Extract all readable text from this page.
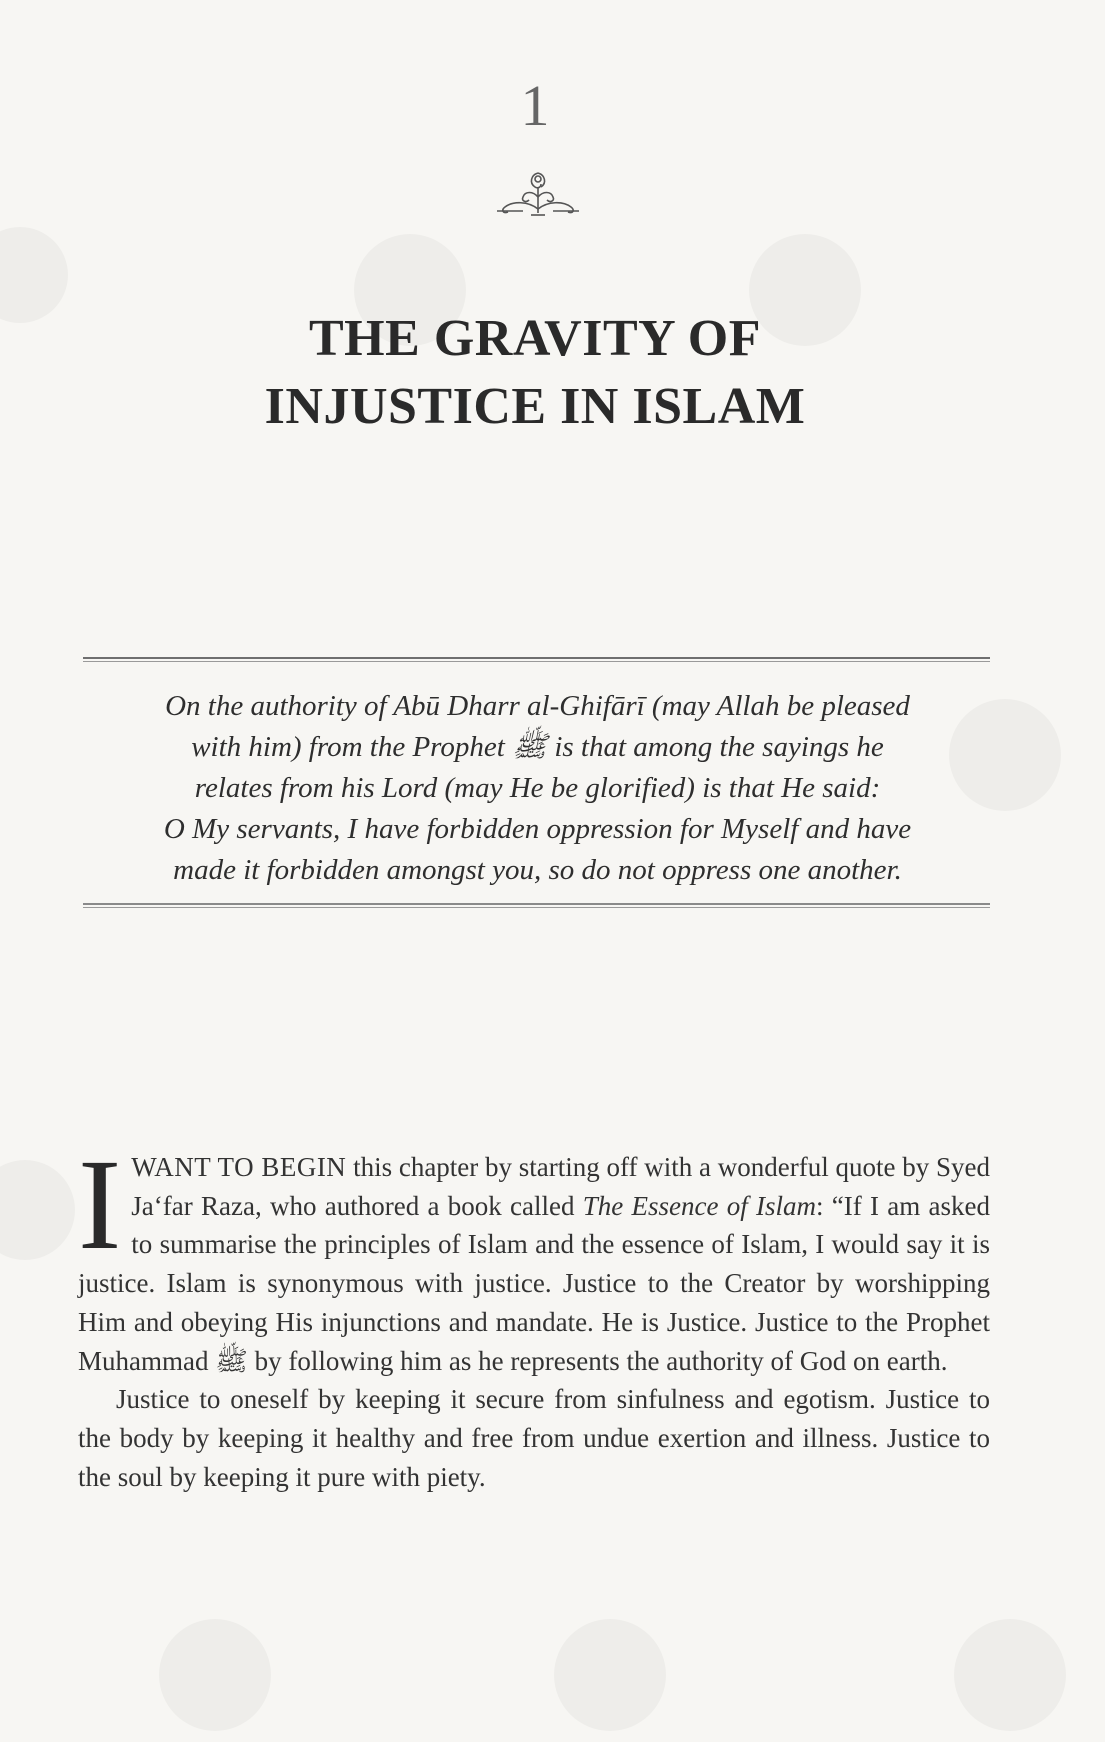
1
THE GRAVITY OF
INJUSTICE IN ISLAM

On the authority of Abū Dharr al-Ghifārī (may Allah be pleased

with him) from the Prophet ﷺ is that among the sayings he

relates from his Lord (may He be glorified) is that He said:

O My servants, I have forbidden oppression for Myself and have

made it forbidden amongst you, so do not oppress one another.

IWANT TO BEGIN this chapter by starting off with a wonderful quote by Syed Ja‘far Raza, who authored a book called The Essence of Islam: “If I am asked to summarise the principles of Islam and the essence of Islam, I would say it is justice. Islam is synonymous with justice. Justice to the Creator by worshipping Him and obeying His injunctions and mandate. He is Justice. Justice to the Prophet Muhammad ﷺ by following him as he represents the authority of God on earth.

Justice to oneself by keeping it secure from sinfulness and egotism. Justice to the body by keeping it healthy and free from undue exertion and illness. Justice to the soul by keeping it pure with piety.
